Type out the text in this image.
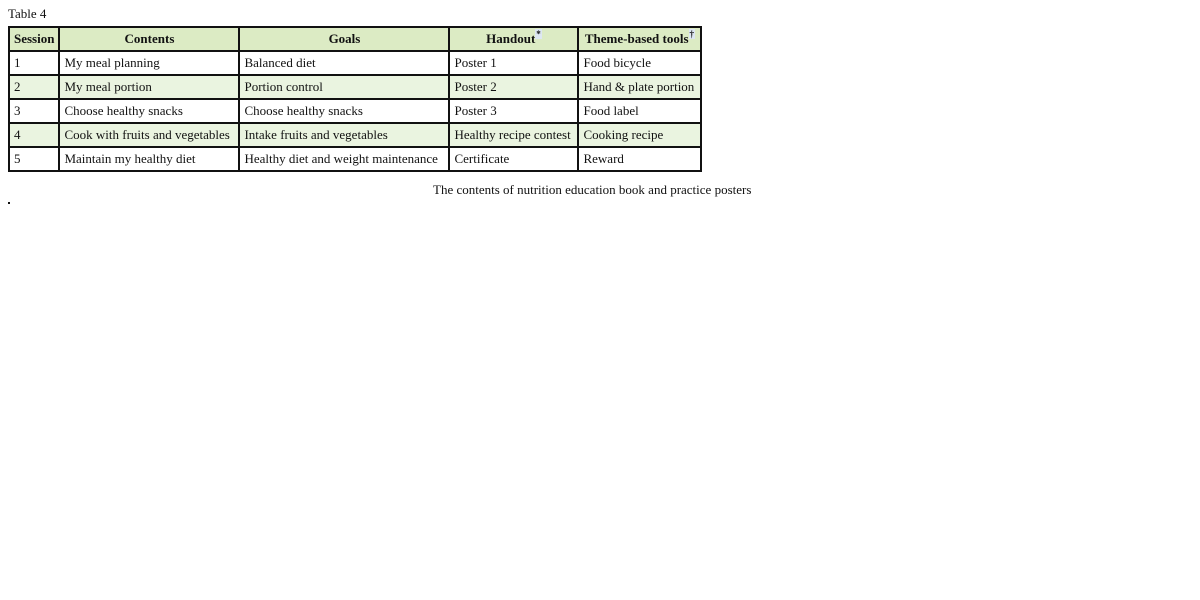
Table 4
Session	Contents	Goals	Handout*	Theme-based tools†
1	My meal planning	Balanced diet	Poster 1	Food bicycle
2	My meal portion	Portion control	Poster 2	Hand & plate portion
3	Choose healthy snacks	Choose healthy snacks	Poster 3	Food label
4	Cook with fruits and vegetables	Intake fruits and vegetables	Healthy recipe contest	Cooking recipe
5	Maintain my healthy diet	Healthy diet and weight maintenance	Certificate	Reward
The contents of nutrition education book and practice posters
